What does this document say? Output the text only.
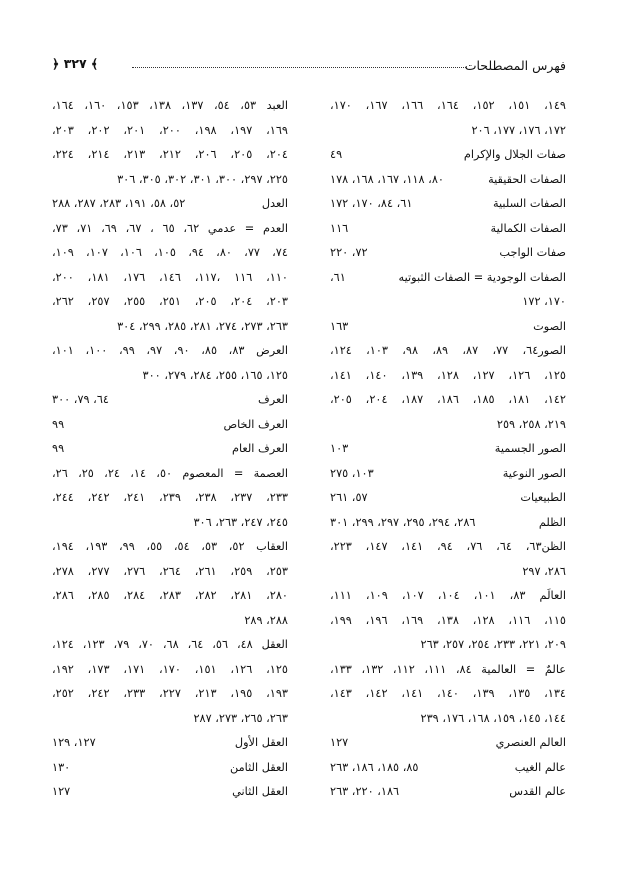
فهرس المصطلحات
﴾ ٣٢٧ ﴿
١٤٩، ١٥١، ١٥٢، ١٦٤، ١٦٦، ١٦٧، ١٧٠،
١٧٢، ١٧٦، ١٧٧، ٢٠٦
صفات الجلال والإكرام
٤٩
الصفات الحقيقية
٨٠، ١١٨، ١٦٧، ١٦٨، ١٧٨
الصفات السلبية
٦١، ٨٤، ١٧٠، ١٧٢
الصفات الكمالية
١١٦
صفات الواجب
٧٢، ٢٢٠
الصفات الوجودية = الصفات الثبوتيه
٦١،
١٧٠، ١٧٢
الصوت
١٦٣
الصور٦٤، ٧٧، ٨٧، ٨٩، ٩٨، ١٠٣، ١٢٤،
١٢٥، ١٢٦، ١٢٧، ١٢٨، ١٣٩، ١٤٠، ١٤١،
١٤٢، ١٨١، ١٨٥، ١٨٦، ١٨٧، ٢٠٤، ٢٠٥،
٢١٩، ٢٥٨، ٢٥٩
الصور الجسمية
١٠٣
الصور النوعية
١٠٣، ٢٧٥
الطبيعيات
٥٧، ٢٦١
الظلم
٢٨٦، ٢٩٤، ٢٩٥، ٢٩٧، ٢٩٩، ٣٠١
الظن٦٣، ٦٤، ٧٦، ٩٤، ١٤١، ١٤٧، ٢٢٣،
٢٨٦، ٢٩٧
العالَم ٨٣، ١٠١، ١٠٤، ١٠٧، ١٠٩، ١١١،
١١٥، ١١٦، ١٢٨، ١٣٨، ١٦٩، ١٩٦، ١٩٩،
٢٠٩، ٢٢١، ٢٣٣، ٢٥٤، ٢٥٧، ٢٦٣
عالمٌ = العالمية ٨٤، ١١١، ١١٢، ١٣٢، ١٣٣،
١٣٤، ١٣٥، ١٣٩، ١٤٠، ١٤١، ١٤٢، ١٤٣،
١٤٤، ١٤٥، ١٥٩، ١٦٨، ١٧٦، ٢٣٩
العالم العنصري
١٢٧
عالم الغيب
٨٥، ١٨٥، ١٨٦، ٢٦٣
عالم القدس
١٨٦، ٢٢٠، ٢٦٣
العبد ٥٣، ٥٤، ١٣٧، ١٣٨، ١٥٣، ١٦٠، ١٦٤،
١٦٩، ١٩٧، ١٩٨، ٢٠٠، ٢٠١، ٢٠٢، ٢٠٣،
٢٠٤، ٢٠٥، ٢٠٦، ٢١٢، ٢١٣، ٢١٤، ٢٢٤،
٢٢٥، ٢٩٧، ٣٠٠، ٣٠١، ٣٠٢، ٣٠٥، ٣٠٦
العدل
٥٢، ٥٨، ١٩١، ٢٨٣، ٢٨٧، ٢٨٨
العدم = عدمي ٦٢، ٦٥ ، ٦٧، ٦٩، ٧١، ٧٣،
٧٤، ٧٧، ٨٠، ٩٤، ١٠٥، ١٠٦، ١٠٧، ١٠٩،
١١٠، ١١٦ ،١١٧، ١٤٦، ١٧٦، ١٨١، ٢٠٠،
٢٠٣، ٢٠٤، ٢٠٥، ٢٥١، ٢٥٥، ٢٥٧، ٢٦٢،
٢٦٣، ٢٧٣، ٢٧٤، ٢٨١، ٢٨٥، ٢٩٩، ٣٠٤
العرض ٨٣، ٨٥، ٩٠، ٩٧، ٩٩، ١٠٠، ١٠١،
١٢٥، ١٦٥، ٢٥٥، ٢٨٤، ٢٧٩، ٣٠٠
العرف
٦٤، ٧٩، ٣٠٠
العرف الخاص
٩٩
العرف العام
٩٩
العصمة = المعصوم ٥٠، ١٤، ٢٤، ٢٥، ٢٦،
٢٣٣، ٢٣٧، ٢٣٨، ٢٣٩، ٢٤١، ٢٤٢، ٢٤٤،
٢٤٥، ٢٤٧، ٢٦٣، ٣٠٦
العقاب ٥٢، ٥٣، ٥٤، ٥٥، ٩٩، ١٩٣، ١٩٤،
٢٥٣، ٢٥٩، ٢٦١، ٢٦٤، ٢٧٦، ٢٧٧، ٢٧٨،
٢٨٠، ٢٨١، ٢٨٢، ٢٨٣، ٢٨٤، ٢٨٥، ٢٨٦،
٢٨٨، ٢٨٩
العقل ٤٨، ٥٦، ٦٤، ٦٨، ٧٠، ٧٩، ١٢٣، ١٢٤،
١٢٥، ١٢٦، ١٥١، ١٧٠، ١٧١، ١٧٣، ١٩٢،
١٩٣، ١٩٥، ٢١٣، ٢٢٧، ٢٣٣، ٢٤٢، ٢٥٢،
٢٦٣، ٢٦٥، ٢٧٣، ٢٨٧
العقل الأول
١٢٧، ١٢٩
العقل الثامن
١٣٠
العقل الثاني
١٢٧
